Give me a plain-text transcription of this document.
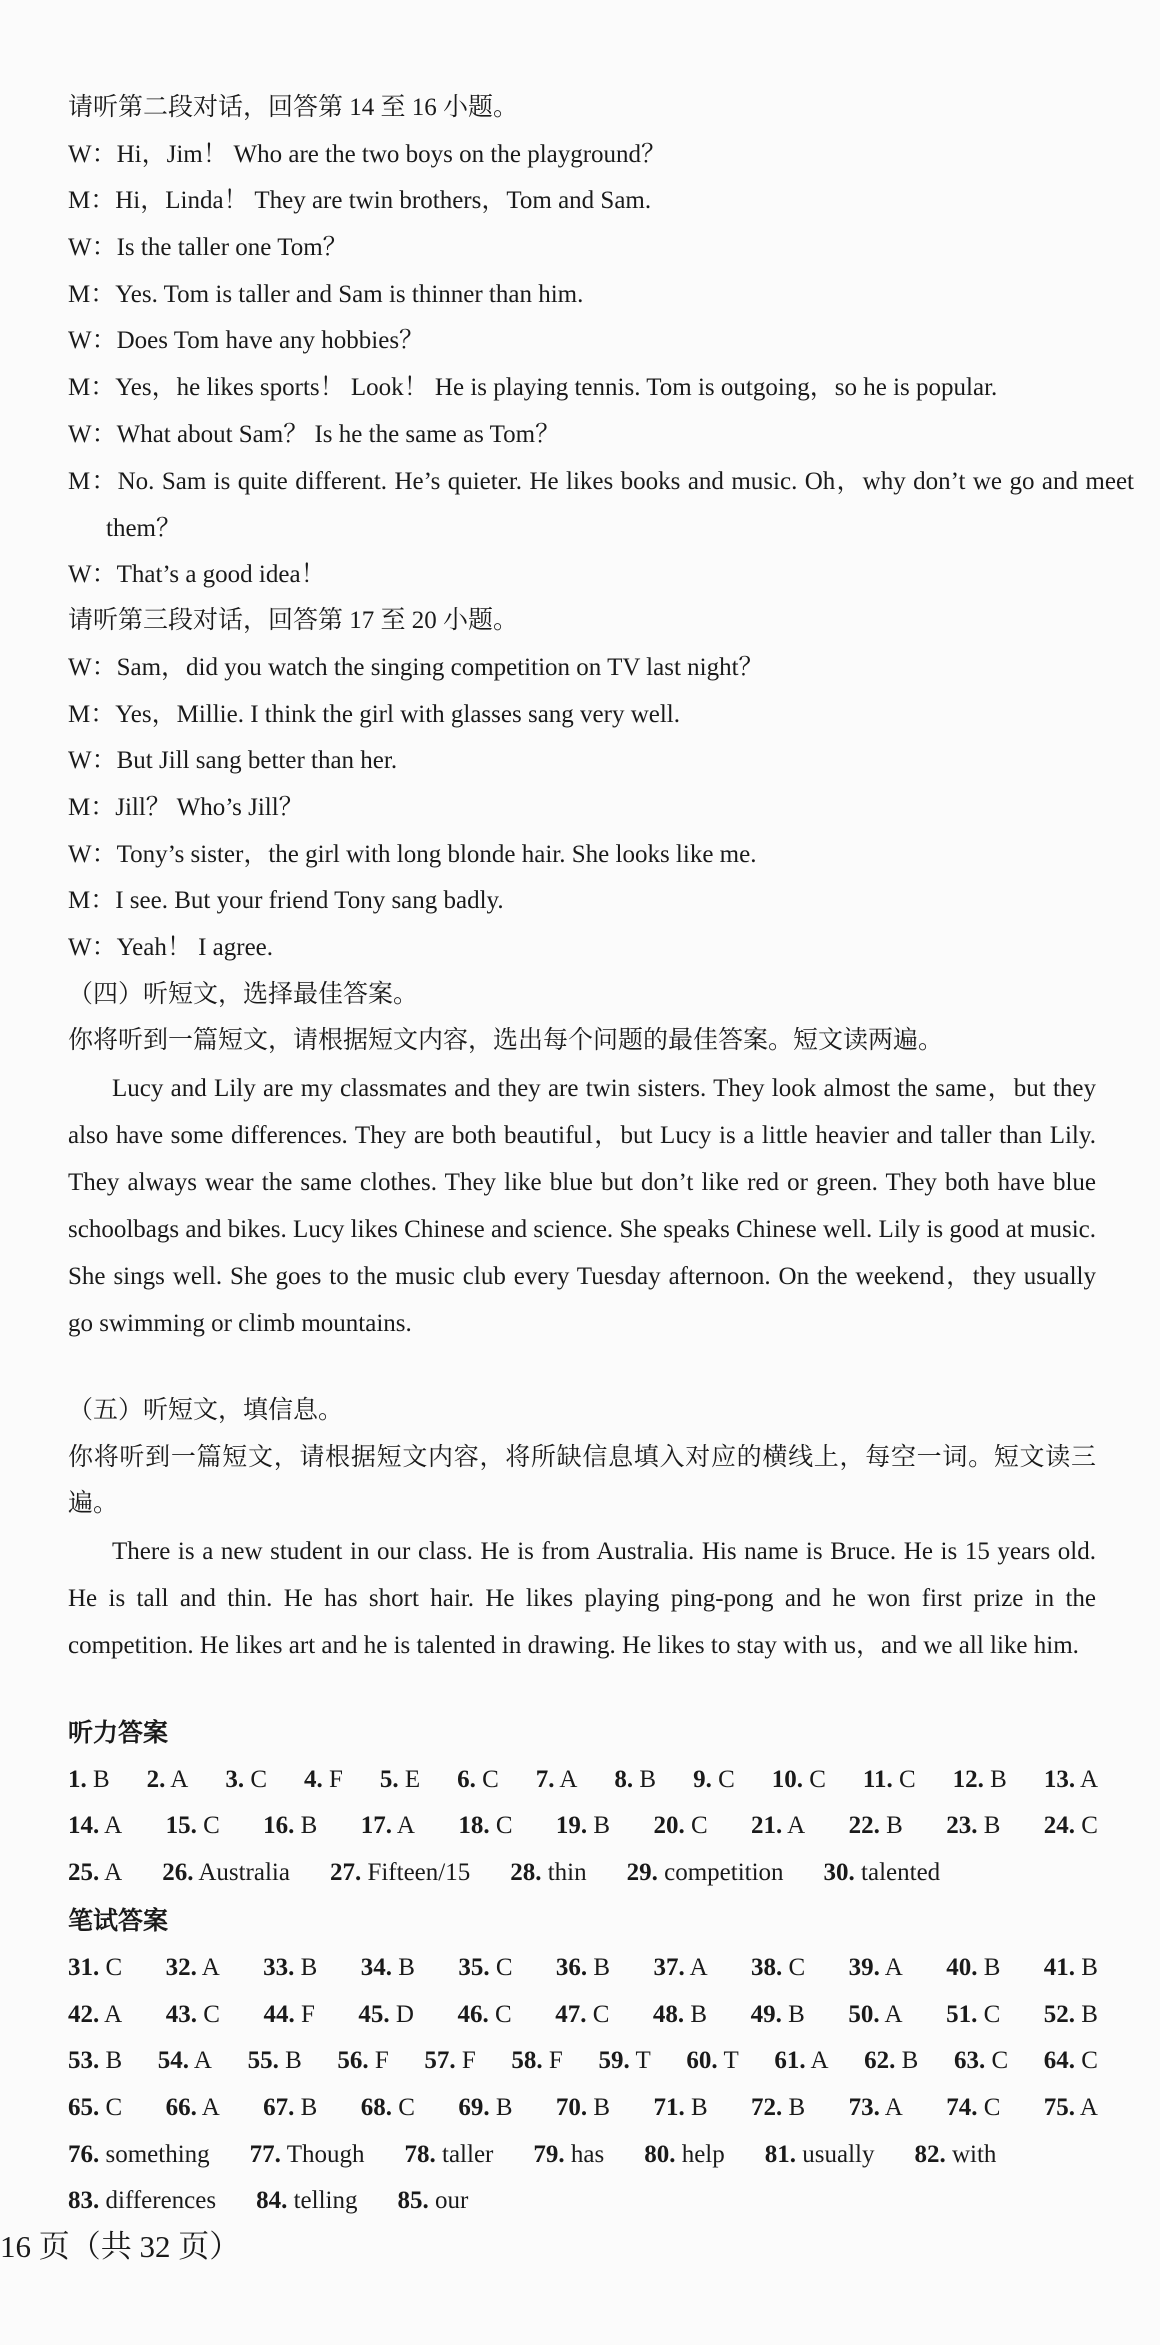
请听第二段对话，回答第 14 至 16 小题。
W：Hi，Jim！ Who are the two boys on the playground？
M：Hi，Linda！ They are twin brothers，Tom and Sam.
W：Is the taller one Tom？
M：Yes. Tom is taller and Sam is thinner than him.
W：Does Tom have any hobbies？
M：Yes，he likes sports！ Look！ He is playing tennis. Tom is outgoing，so he is popular.
W：What about Sam？ Is he the same as Tom？
M：No. Sam is quite different. He’s quieter. He likes books and music. Oh，why don’t we go and meet them？
W：That’s a good idea！
请听第三段对话，回答第 17 至 20 小题。
W：Sam，did you watch the singing competition on TV last night？
M：Yes，Millie. I think the girl with glasses sang very well.
W：But Jill sang better than her.
M：Jill？ Who’s Jill？
W：Tony’s sister，the girl with long blonde hair. She looks like me.
M：I see. But your friend Tony sang badly.
W：Yeah！ I agree.
（四）听短文，选择最佳答案。
你将听到一篇短文，请根据短文内容，选出每个问题的最佳答案。短文读两遍。
Lucy and Lily are my classmates and they are twin sisters. They look almost the same，but they also have some differences. They are both beautiful，but Lucy is a little heavier and taller than Lily. They always wear the same clothes. They like blue but don’t like red or green. They both have blue schoolbags and bikes. Lucy likes Chinese and science. She speaks Chinese well. Lily is good at music. She sings well. She goes to the music club every Tuesday afternoon. On the weekend，they usually go swimming or climb mountains.
（五）听短文，填信息。
你将听到一篇短文，请根据短文内容，将所缺信息填入对应的横线上，每空一词。短文读三遍。
There is a new student in our class. He is from Australia. His name is Bruce. He is 15 years old. He is tall and thin. He has short hair. He likes playing ping-pong and he won first prize in the competition. He likes art and he is talented in drawing. He likes to stay with us，and we all like him.
听力答案
1. B 2. A 3. C 4. F 5. E 6. C 7. A 8. B 9. C 10. C 11. C 12. B 13. A
14. A 15. C 16. B 17. A 18. C 19. B 20. C 21. A 22. B 23. B 24. C
25. A 26. Australia 27. Fifteen/15 28. thin 29. competition 30. talented
笔试答案
31. C 32. A 33. B 34. B 35. C 36. B 37. A 38. C 39. A 40. B 41. B
42. A 43. C 44. F 45. D 46. C 47. C 48. B 49. B 50. A 51. C 52. B
53. B 54. A 55. B 56. F 57. F 58. F 59. T 60. T 61. A 62. B 63. C 64. C
65. C 66. A 67. B 68. C 69. B 70. B 71. B 72. B 73. A 74. C 75. A
76. something 77. Though 78. taller 79. has 80. help 81. usually 82. with
83. differences 84. telling 85. our
16 页（共 32 页）
